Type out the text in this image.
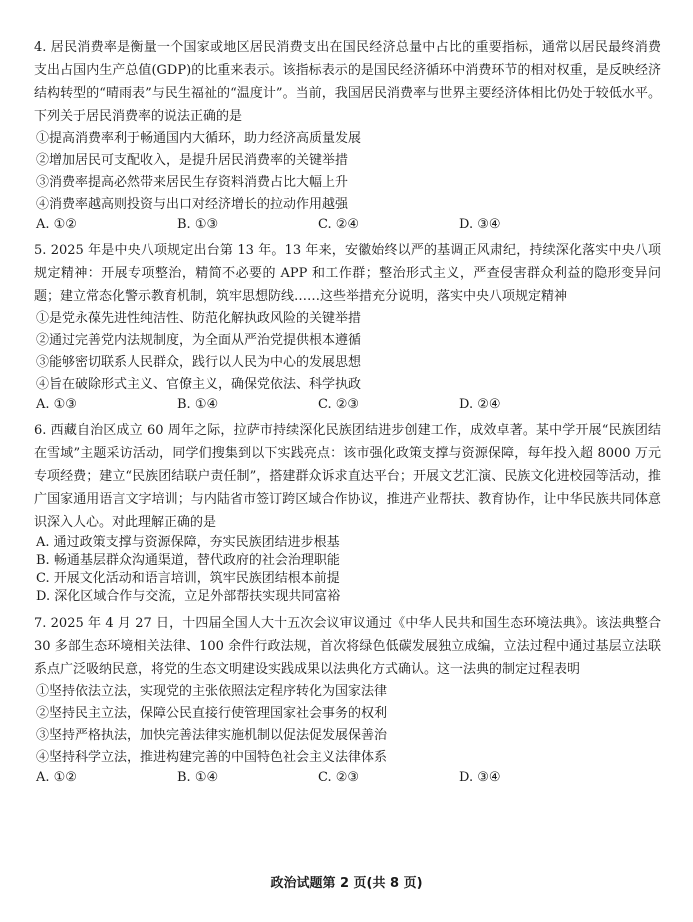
4. 居民消费率是衡量一个国家或地区居民消费支出在国民经济总量中占比的重要指标，通常以居民最终消费支出占国内生产总值(GDP)的比重来表示。该指标表示的是国民经济循环中消费环节的相对权重，是反映经济结构转型的“晴雨表”与民生福祉的“温度计”。当前，我国居民消费率与世界主要经济体相比仍处于较低水平。下列关于居民消费率的说法正确的是

①提高消费率利于畅通国内大循环，助力经济高质量发展

②增加居民可支配收入，是提升居民消费率的关键举措

③消费率提高必然带来居民生存资料消费占比大幅上升

④消费率越高则投资与出口对经济增长的拉动作用越强

A. ①②	B. ①③	C. ②④	D. ③④

5. 2025 年是中央八项规定出台第 13 年。13 年来，安徽始终以严的基调正风肃纪，持续深化落实中央八项规定精神：开展专项整治，精简不必要的 APP 和工作群；整治形式主义，严查侵害群众利益的隐形变异问题；建立常态化警示教育机制，筑牢思想防线……这些举措充分说明，落实中央八项规定精神

①是党永葆先进性纯洁性、防范化解执政风险的关键举措

②通过完善党内法规制度，为全面从严治党提供根本遵循

③能够密切联系人民群众，践行以人民为中心的发展思想

④旨在破除形式主义、官僚主义，确保党依法、科学执政

A. ①③	B. ①④	C. ②③	D. ②④

6. 西藏自治区成立 60 周年之际，拉萨市持续深化民族团结进步创建工作，成效卓著。某中学开展“民族团结在雪域”主题采访活动，同学们搜集到以下实践亮点：该市强化政策支撑与资源保障，每年投入超 8000 万元专项经费；建立“民族团结联户责任制”，搭建群众诉求直达平台；开展文艺汇演、民族文化进校园等活动，推广国家通用语言文字培训；与内陆省市签订跨区域合作协议，推进产业帮扶、教育协作，让中华民族共同体意识深入人心。对此理解正确的是

A. 通过政策支撑与资源保障，夯实民族团结进步根基
B. 畅通基层群众沟通渠道，替代政府的社会治理职能
C. 开展文化活动和语言培训，筑牢民族团结根本前提
D. 深化区域合作与交流，立足外部帮扶实现共同富裕

7. 2025 年 4 月 27 日，十四届全国人大十五次会议审议通过《中华人民共和国生态环境法典》。该法典整合 30 多部生态环境相关法律、100 余件行政法规，首次将绿色低碳发展独立成编，立法过程中通过基层立法联系点广泛吸纳民意，将党的生态文明建设实践成果以法典化方式确认。这一法典的制定过程表明

①坚持依法立法，实现党的主张依照法定程序转化为国家法律

②坚持民主立法，保障公民直接行使管理国家社会事务的权利

③坚持严格执法，加快完善法律实施机制以促法促发展保善治

④坚持科学立法，推进构建完善的中国特色社会主义法律体系

A. ①②	B. ①④	C. ②③	D. ③④
政治试题第 2 页(共 8 页)
